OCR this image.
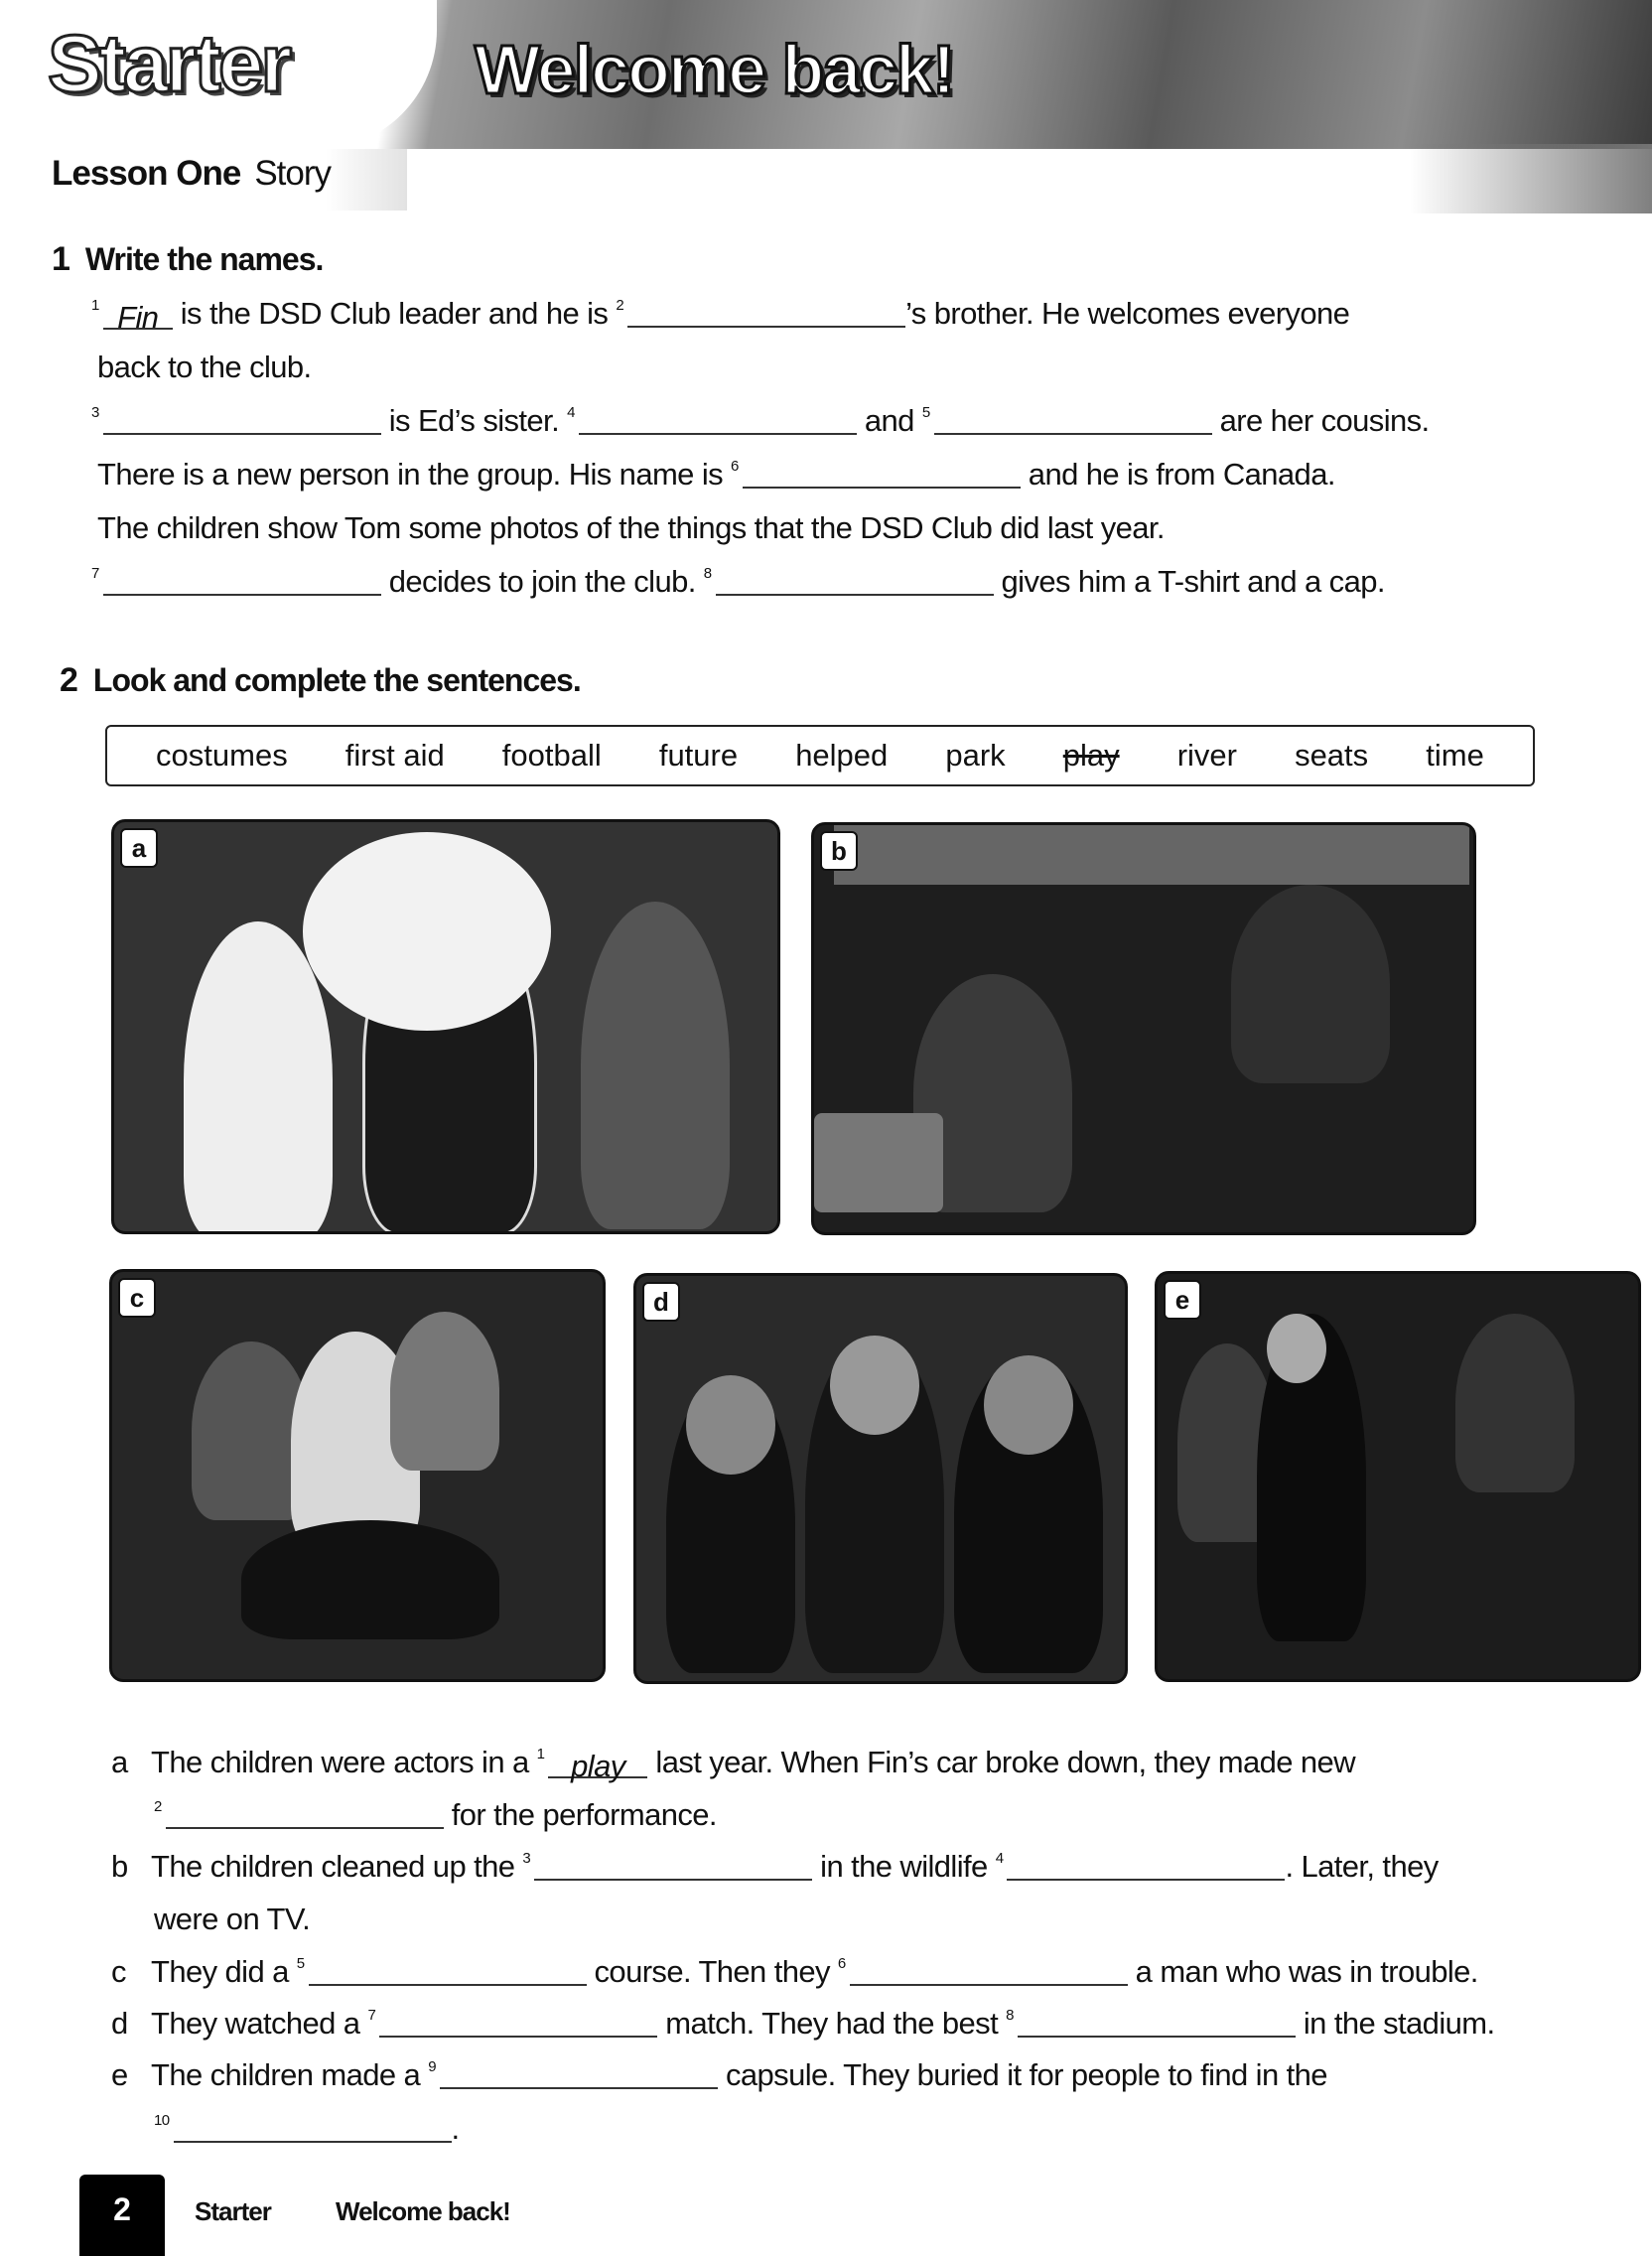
Starter	Welcome back!
Lesson One Story
1 Write the names.
$^1$ Fin is the DSD Club leader and he is $^2$	’s brother. He welcomes everyone
back to the club.
$^3$	is Ed’s sister. $^4$	and $^5$	are her cousins.
There is a new person in the group. His name is $^6$	and he is from Canada.
The children show Tom some photos of the things that the DSD Club did last year.
$^7$	decides to join the club. $^8$	gives him a T-shirt and a cap.
2 Look and complete the sentences.
costumes first aid football future helped park play river seats time
a	b
c	d	e
a The children were actors in a $^1$ play last year. When Fin’s car broke down, they made new
$^2$	for the performance.
b The children cleaned up the $^3$	in the wildlife $^4$	. Later, they
were on TV.
c They did a $^5$	course. Then they $^6$	a man who was in trouble.
d They watched a $^7$	match. They had the best $^8$	in the stadium.
e The children made a $^9$	capsule. They buried it for people to find in the
$^{10}$	.
2	Starter	Welcome back!
